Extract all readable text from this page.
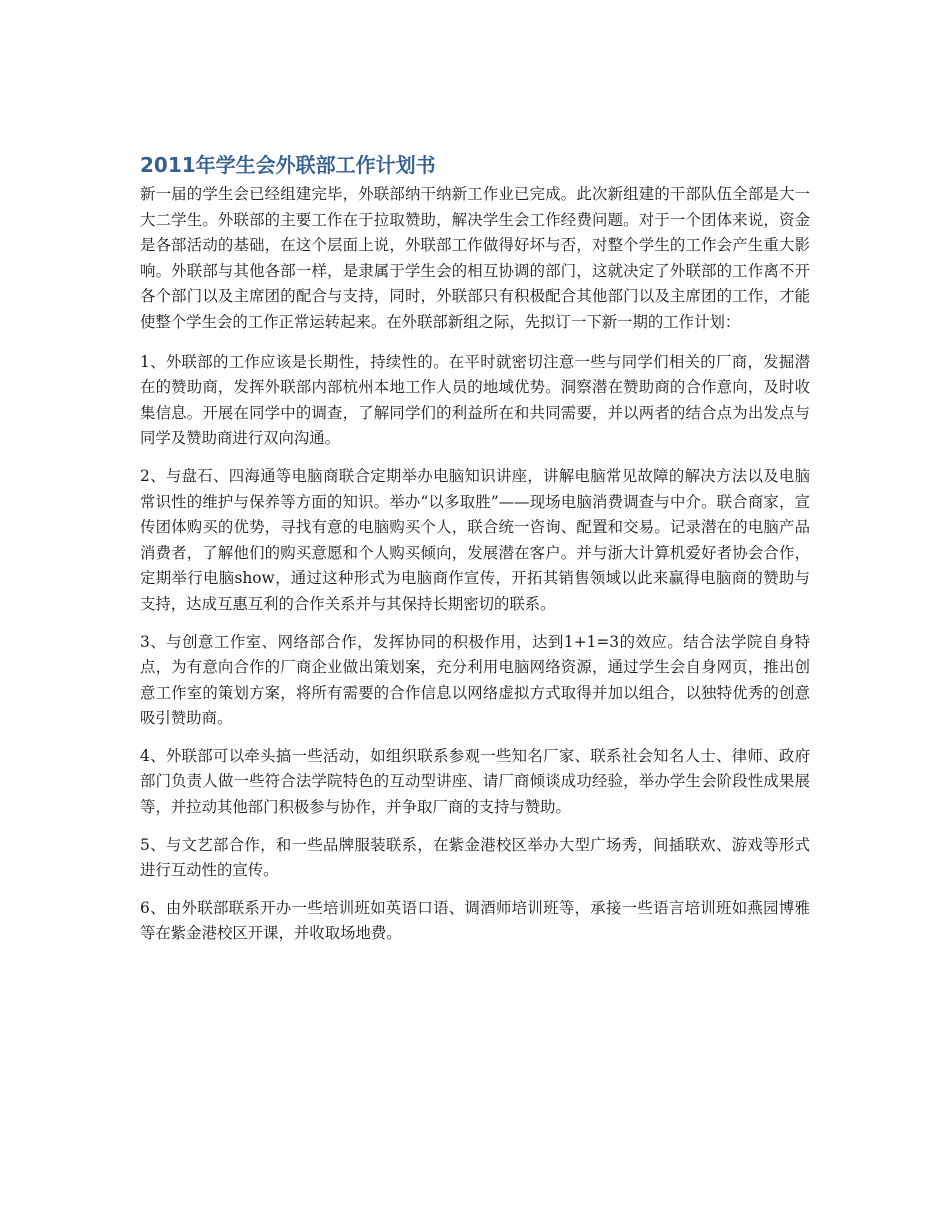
2011年学生会外联部工作计划书

新一届的学生会已经组建完毕，外联部纳干纳新工作业已完成。此次新组建的干部队伍全部是大一大二学生。外联部的主要工作在于拉取赞助，解决学生会工作经费问题。对于一个团体来说，资金是各部活动的基础，在这个层面上说，外联部工作做得好坏与否，对整个学生的工作会产生重大影响。外联部与其他各部一样，是隶属于学生会的相互协调的部门，这就决定了外联部的工作离不开各个部门以及主席团的配合与支持，同时，外联部只有积极配合其他部门以及主席团的工作，才能使整个学生会的工作正常运转起来。在外联部新组之际，先拟订一下新一期的工作计划：

1、外联部的工作应该是长期性，持续性的。在平时就密切注意一些与同学们相关的厂商，发掘潜在的赞助商，发挥外联部内部杭州本地工作人员的地域优势。洞察潜在赞助商的合作意向，及时收集信息。开展在同学中的调查，了解同学们的利益所在和共同需要，并以两者的结合点为出发点与同学及赞助商进行双向沟通。

2、与盘石、四海通等电脑商联合定期举办电脑知识讲座，讲解电脑常见故障的解决方法以及电脑常识性的维护与保养等方面的知识。举办“以多取胜”——现场电脑消费调查与中介。联合商家，宣传团体购买的优势，寻找有意的电脑购买个人，联合统一咨询、配置和交易。记录潜在的电脑产品消费者，了解他们的购买意愿和个人购买倾向，发展潜在客户。并与浙大计算机爱好者协会合作，定期举行电脑show，通过这种形式为电脑商作宣传，开拓其销售领域以此来赢得电脑商的赞助与支持，达成互惠互利的合作关系并与其保持长期密切的联系。

3、与创意工作室、网络部合作，发挥协同的积极作用，达到1+1=3的效应。结合法学院自身特点，为有意向合作的厂商企业做出策划案，充分利用电脑网络资源，通过学生会自身网页，推出创意工作室的策划方案，将所有需要的合作信息以网络虚拟方式取得并加以组合，以独特优秀的创意吸引赞助商。

4、外联部可以牵头搞一些活动，如组织联系参观一些知名厂家、联系社会知名人士、律师、政府部门负责人做一些符合法学院特色的互动型讲座、请厂商倾谈成功经验，举办学生会阶段性成果展等，并拉动其他部门积极参与协作，并争取厂商的支持与赞助。

5、与文艺部合作，和一些品牌服装联系，在紫金港校区举办大型广场秀，间插联欢、游戏等形式进行互动性的宣传。

6、由外联部联系开办一些培训班如英语口语、调酒师培训班等，承接一些语言培训班如燕园博雅等在紫金港校区开课，并收取场地费。
